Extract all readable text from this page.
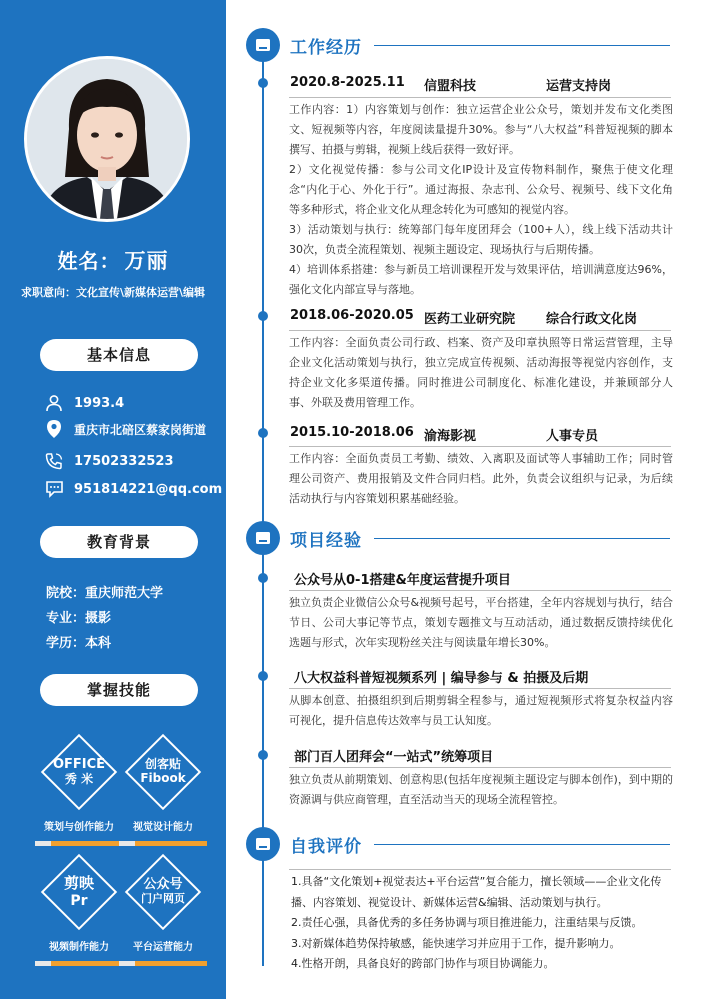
姓名： 万丽
求职意向：文化宣传\新媒体运营\编辑
基本信息
1993.4
重庆市北碚区蔡家岗街道
17502332523
951814221@qq.com
教育背景
院校：重庆师范大学
专业：摄影
学历：本科
掌握技能
OFFICE
秀 米
策划与创作能力
创客贴
Fibook
视觉设计能力
剪映
Pr
视频制作能力
公众号
门户网页
平台运营能力
工作经历
2020.8-2025.11 信盟科技	运营支持岗

工作内容：1）内容策划与创作：独立运营企业公众号，策划并发布文化类图文、短视频等内容，年度阅读量提升30%。参与“八大权益”科普短视频的脚本撰写、拍摄与剪辑，视频上线后获得一致好评。

2）文化视觉传播：参与公司文化IP设计及宣传物料制作，聚焦于使文化理念“内化于心、外化于行”。通过海报、杂志刊、公众号、视频号、线下文化角等多种形式，将企业文化从理念转化为可感知的视觉内容。

3）活动策划与执行：统筹部门每年度团拜会（100+人），线上线下活动共计30次，负责全流程策划、视频主题设定、现场执行与后期传播。

4）培训体系搭建：参与新员工培训课程开发与效果评估，培训满意度达96%，强化文化内部宣导与落地。

2018.06-2020.05 医药工业研究院 综合行政文化岗

工作内容：全面负责公司行政、档案、资产及印章执照等日常运营管理，主导企业文化活动策划与执行，独立完成宣传视频、活动海报等视觉内容创作，支持企业文化多渠道传播。同时推进公司制度化、标准化建设，并兼顾部分人事、外联及费用管理工作。

2015.10-2018.06 渝海影视	人事专员

工作内容：全面负责员工考勤、绩效、入离职及面试等人事辅助工作；同时管理公司资产、费用报销及文件合同归档。此外，负责会议组织与记录，为后续活动执行与内容策划积累基础经验。

项目经验
公众号从0-1搭建&年度运营提升项目
独立负责企业微信公众号&视频号起号，平台搭建，全年内容规划与执行，结合节日、公司大事记等节点，策划专题推文与互动活动，通过数据反馈持续优化选题与形式，次年实现粉丝关注与阅读量年增长30%。
八大权益科普短视频系列 | 编导参与 & 拍摄及后期
从脚本创意、拍摄组织到后期剪辑全程参与，通过短视频形式将复杂权益内容可视化，提升信息传达效率与员工认知度。
部门百人团拜会“一站式”统筹项目
独立负责从前期策划、创意构思(包括年度视频主题设定与脚本创作)，到中期的资源调与供应商管理，直至活动当天的现场全流程管控。
自我评价

1.具备“文化策划+视觉表达+平台运营”复合能力，擅长领域——企业文化传播、内容策划、视觉设计、新媒体运营&编辑、活动策划与执行。

2.责任心强，具备优秀的多任务协调与项目推进能力，注重结果与反馈。

3.对新媒体趋势保持敏感，能快速学习并应用于工作，提升影响力。

4.性格开朗，具备良好的跨部门协作与项目协调能力。
